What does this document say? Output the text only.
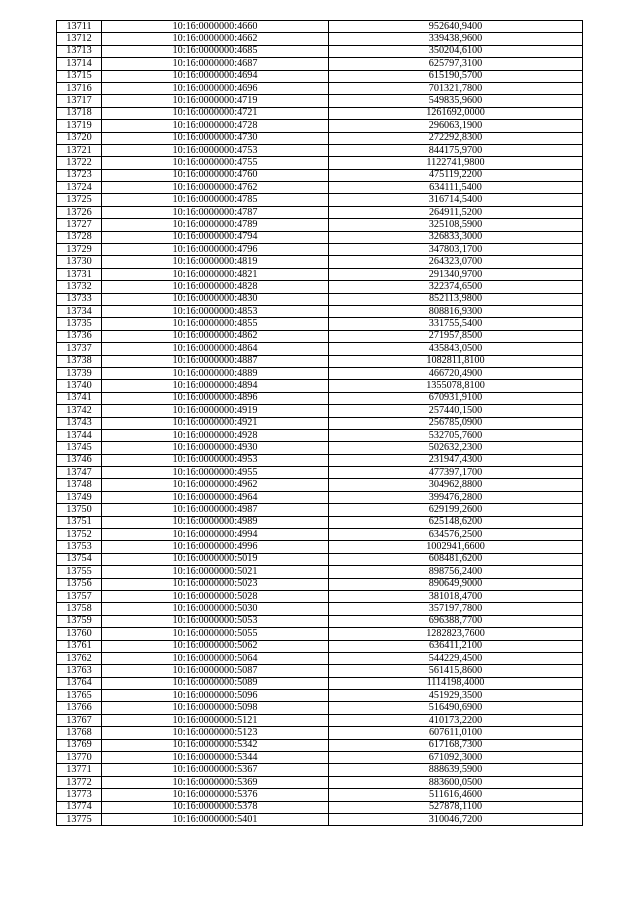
13711	10:16:0000000:4660	952640,9400
13712	10:16:0000000:4662	339438,9600
13713	10:16:0000000:4685	350204,6100
13714	10:16:0000000:4687	625797,3100
13715	10:16:0000000:4694	615190,5700
13716	10:16:0000000:4696	701321,7800
13717	10:16:0000000:4719	549835,9600
13718	10:16:0000000:4721	1261692,0000
13719	10:16:0000000:4728	296063,1900
13720	10:16:0000000:4730	272292,8300
13721	10:16:0000000:4753	844175,9700
13722	10:16:0000000:4755	1122741,9800
13723	10:16:0000000:4760	475119,2200
13724	10:16:0000000:4762	634111,5400
13725	10:16:0000000:4785	316714,5400
13726	10:16:0000000:4787	264911,5200
13727	10:16:0000000:4789	325108,5900
13728	10:16:0000000:4794	326833,3000
13729	10:16:0000000:4796	347803,1700
13730	10:16:0000000:4819	264323,0700
13731	10:16:0000000:4821	291340,9700
13732	10:16:0000000:4828	322374,6500
13733	10:16:0000000:4830	852113,9800
13734	10:16:0000000:4853	808816,9300
13735	10:16:0000000:4855	331755,5400
13736	10:16:0000000:4862	271957,8500
13737	10:16:0000000:4864	435843,0500
13738	10:16:0000000:4887	1082811,8100
13739	10:16:0000000:4889	466720,4900
13740	10:16:0000000:4894	1355078,8100
13741	10:16:0000000:4896	670931,9100
13742	10:16:0000000:4919	257440,1500
13743	10:16:0000000:4921	256785,0900
13744	10:16:0000000:4928	532705,7600
13745	10:16:0000000:4930	502632,2300
13746	10:16:0000000:4953	231947,4300
13747	10:16:0000000:4955	477397,1700
13748	10:16:0000000:4962	304962,8800
13749	10:16:0000000:4964	399476,2800
13750	10:16:0000000:4987	629199,2600
13751	10:16:0000000:4989	625148,6200
13752	10:16:0000000:4994	634576,2500
13753	10:16:0000000:4996	1002941,6600
13754	10:16:0000000:5019	608481,6200
13755	10:16:0000000:5021	898756,2400
13756	10:16:0000000:5023	890649,9000
13757	10:16:0000000:5028	381018,4700
13758	10:16:0000000:5030	357197,7800
13759	10:16:0000000:5053	696388,7700
13760	10:16:0000000:5055	1282823,7600
13761	10:16:0000000:5062	636411,2100
13762	10:16:0000000:5064	544229,4500
13763	10:16:0000000:5087	561415,8600
13764	10:16:0000000:5089	1114198,4000
13765	10:16:0000000:5096	451929,3500
13766	10:16:0000000:5098	516490,6900
13767	10:16:0000000:5121	410173,2200
13768	10:16:0000000:5123	607611,0100
13769	10:16:0000000:5342	617168,7300
13770	10:16:0000000:5344	671092,3000
13771	10:16:0000000:5367	888639,5900
13772	10:16:0000000:5369	883600,0500
13773	10:16:0000000:5376	511616,4600
13774	10:16:0000000:5378	527878,1100
13775	10:16:0000000:5401	310046,7200
